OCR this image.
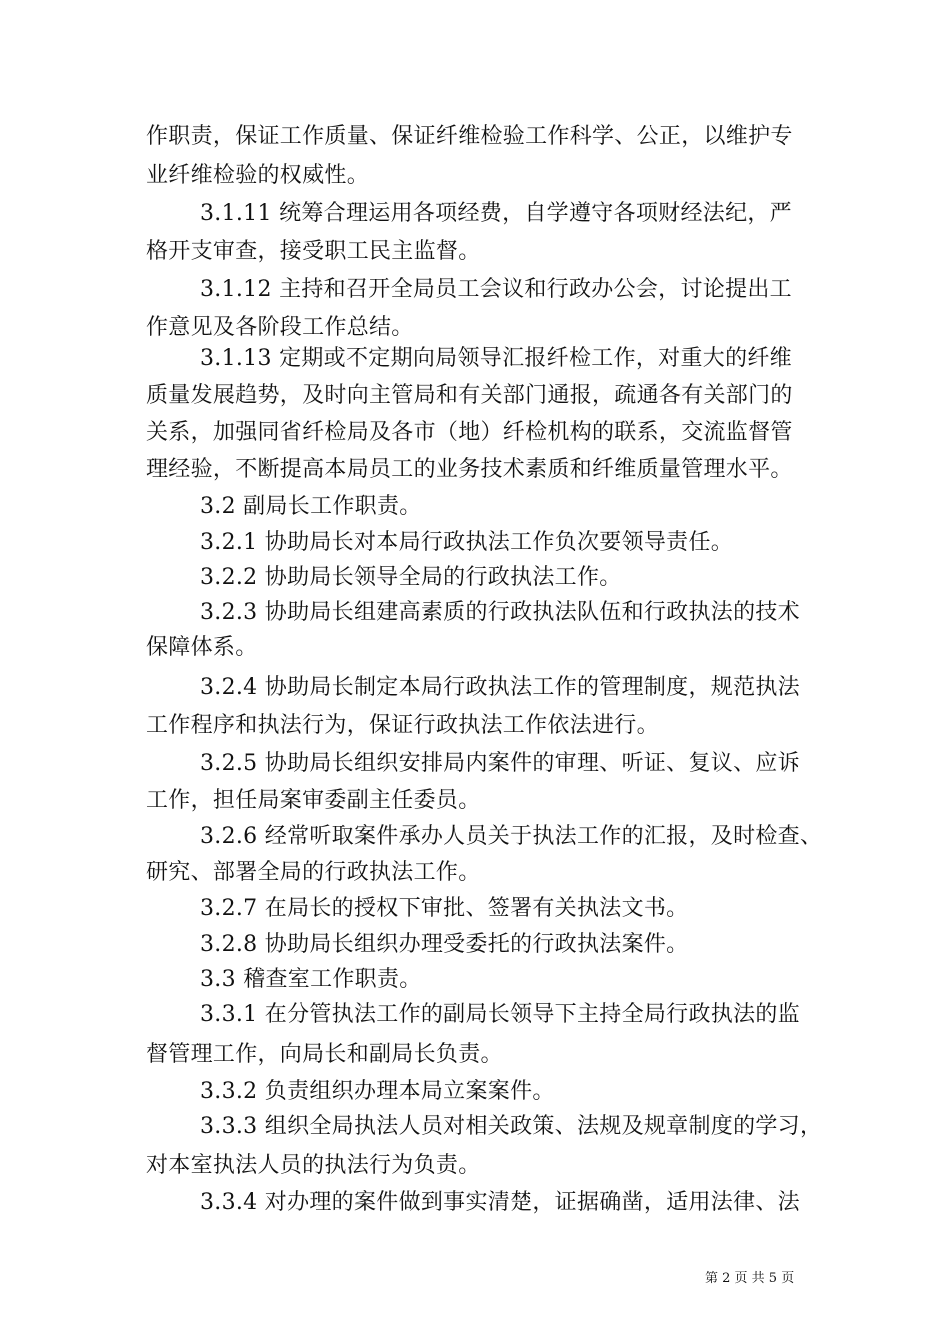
作职责，保证工作质量、保证纤维检验工作科学、公正，以维护专
业纤维检验的权威性。
3.1.11 统筹合理运用各项经费，自学遵守各项财经法纪，严
格开支审查，接受职工民主监督。
3.1.12 主持和召开全局员工会议和行政办公会，讨论提出工
作意见及各阶段工作总结。
3.1.13 定期或不定期向局领导汇报纤检工作，对重大的纤维
质量发展趋势，及时向主管局和有关部门通报，疏通各有关部门的
关系，加强同省纤检局及各市（地）纤检机构的联系，交流监督管
理经验，不断提高本局员工的业务技术素质和纤维质量管理水平。
3.2 副局长工作职责。
3.2.1 协助局长对本局行政执法工作负次要领导责任。
3.2.2 协助局长领导全局的行政执法工作。
3.2.3 协助局长组建高素质的行政执法队伍和行政执法的技术
保障体系。
3.2.4 协助局长制定本局行政执法工作的管理制度，规范执法
工作程序和执法行为，保证行政执法工作依法进行。
3.2.5 协助局长组织安排局内案件的审理、听证、复议、应诉
工作，担任局案审委副主任委员。
3.2.6 经常听取案件承办人员关于执法工作的汇报，及时检查、
研究、部署全局的行政执法工作。
3.2.7 在局长的授权下审批、签署有关执法文书。
3.2.8 协助局长组织办理受委托的行政执法案件。
3.3 稽查室工作职责。
3.3.1 在分管执法工作的副局长领导下主持全局行政执法的监
督管理工作，向局长和副局长负责。
3.3.2 负责组织办理本局立案案件。
3.3.3 组织全局执法人员对相关政策、法规及规章制度的学习，
对本室执法人员的执法行为负责。
3.3.4 对办理的案件做到事实清楚，证据确凿，适用法律、法
第 2 页 共 5 页
